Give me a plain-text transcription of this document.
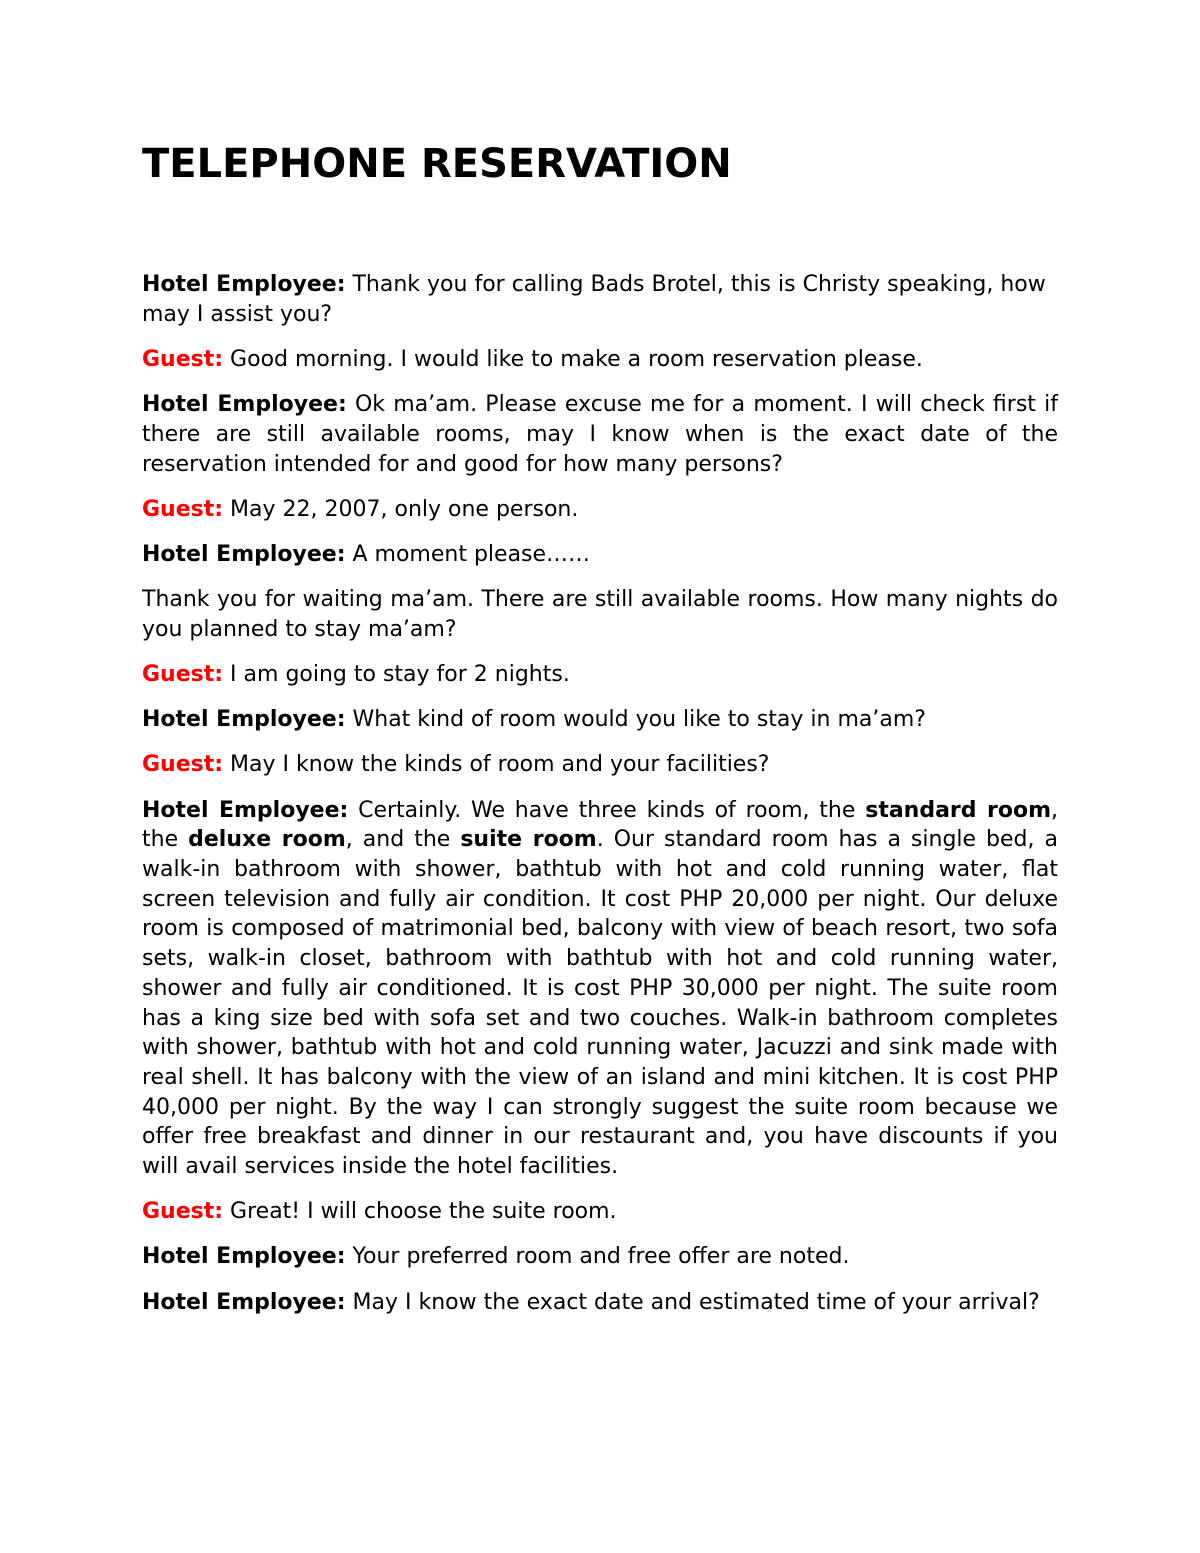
TELEPHONE RESERVATION

Hotel Employee: Thank you for calling Bads Brotel, this is Christy speaking, how may I assist you?

Guest: Good morning. I would like to make a room reservation please.

Hotel Employee: Ok ma’am. Please excuse me for a moment. I will check first if there are still available rooms, may I know when is the exact date of the reservation intended for and good for how many persons?

Guest: May 22, 2007, only one person.

Hotel Employee: A moment please……

Thank you for waiting ma’am. There are still available rooms. How many nights do you planned to stay ma’am?

Guest: I am going to stay for 2 nights.

Hotel Employee: What kind of room would you like to stay in ma’am?

Guest: May I know the kinds of room and your facilities?

Hotel Employee: Certainly. We have three kinds of room, the standard room, the deluxe room, and the suite room. Our standard room has a single bed, a walk-in bathroom with shower, bathtub with hot and cold running water, flat screen television and fully air condition. It cost PHP 20,000 per night. Our deluxe room is composed of matrimonial bed, balcony with view of beach resort, two sofa sets, walk-in closet, bathroom with bathtub with hot and cold running water, shower and fully air conditioned. It is cost PHP 30,000 per night. The suite room has a king size bed with sofa set and two couches. Walk-in bathroom completes with shower, bathtub with hot and cold running water, Jacuzzi and sink made with real shell. It has balcony with the view of an island and mini kitchen. It is cost PHP 40,000 per night. By the way I can strongly suggest the suite room because we offer free breakfast and dinner in our restaurant and, you have discounts if you will avail services inside the hotel facilities.

Guest: Great! I will choose the suite room.

Hotel Employee: Your preferred room and free offer are noted.

Hotel Employee: May I know the exact date and estimated time of your arrival?
